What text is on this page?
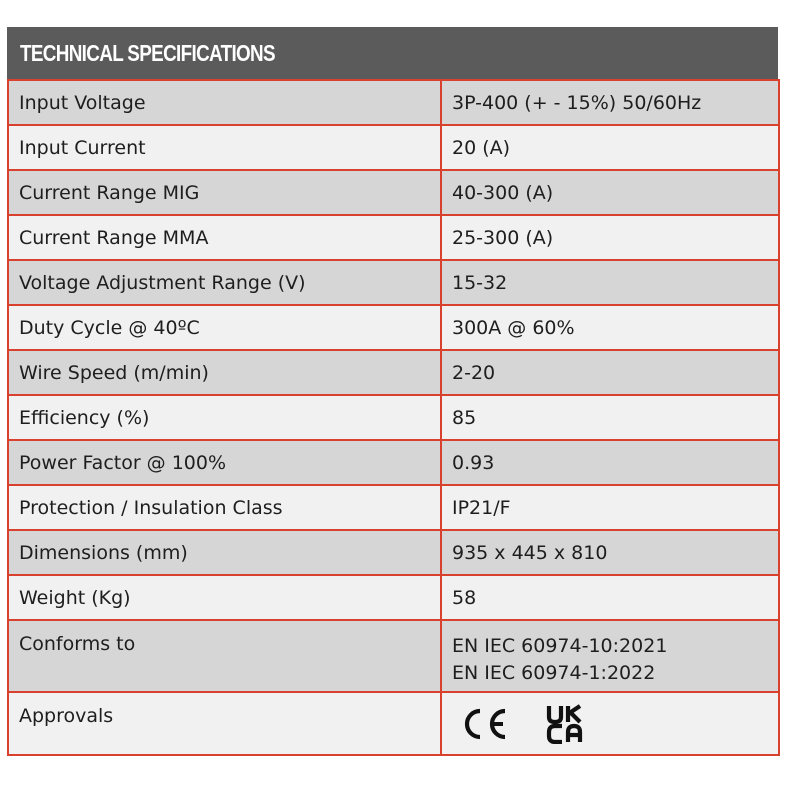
TECHNICAL SPECIFICATIONS
Input Voltage	3P-400 (+ - 15%) 50/60Hz
Input Current	20 (A)
Current Range MIG	40-300 (A)
Current Range MMA	25-300 (A)
Voltage Adjustment Range (V)	15-32
Duty Cycle @ 40ºC	300A @ 60%
Wire Speed (m/min)	2-20
Efficiency (%)	85
Power Factor @ 100%	0.93
Protection / Insulation Class	IP21/F
Dimensions (mm)	935 x 445 x 810
Weight (Kg)	58
Conforms to	EN IEC 60974-10:2021
EN IEC 60974-1:2022

Approvals	
